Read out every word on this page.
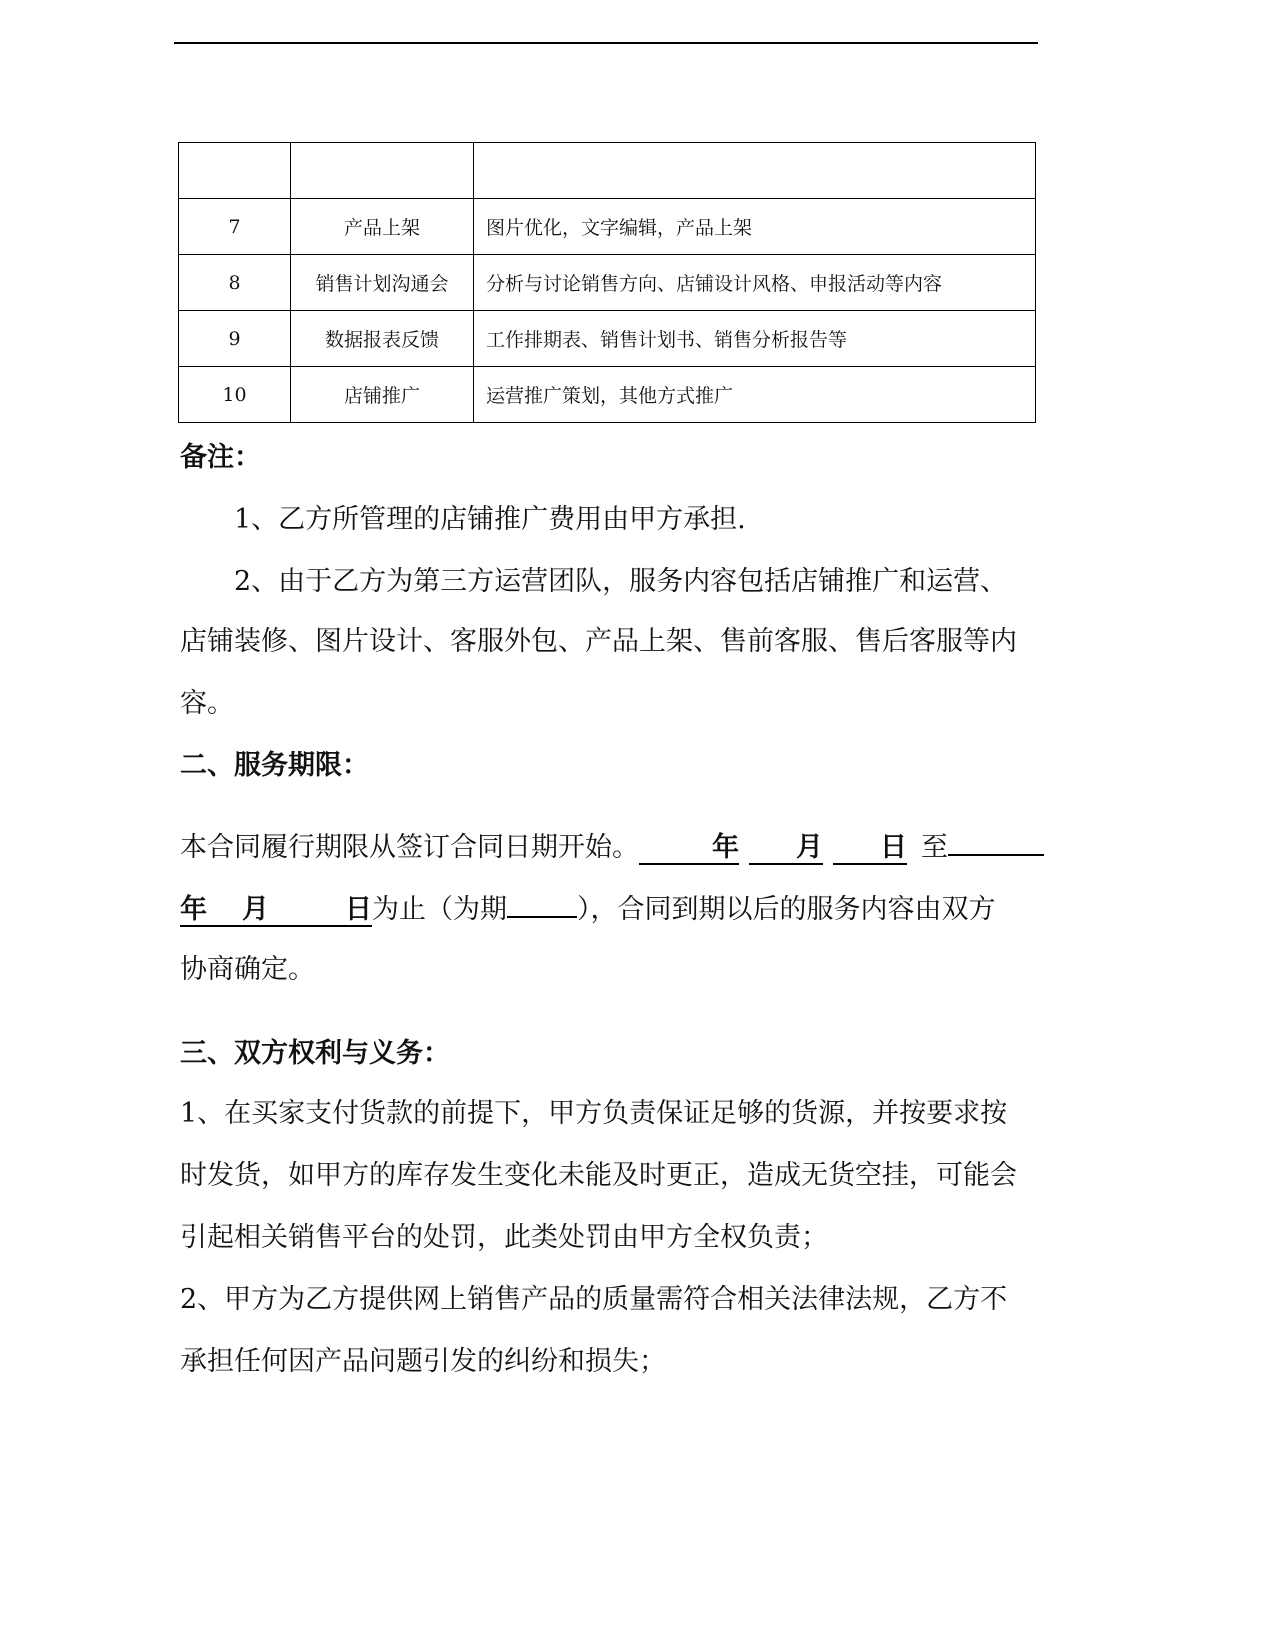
7	产品上架	图片优化，文字编辑，产品上架
8	销售计划沟通会	分析与讨论销售方向、店铺设计风格、申报活动等内容
9	数据报表反馈	工作排期表、销售计划书、销售分析报告等
10	店铺推广	运营推广策划，其他方式推广
备注：
1、乙方所管理的店铺推广费用由甲方承担.
2、由于乙方为第三方运营团队，服务内容包括店铺推广和运营、
店铺装修、图片设计、客服外包、产品上架、售前客服、售后客服等内
容。
二、服务期限：
本合同履行期限从签订合同日期开始。	年 月 日 至
年 月	日为止（为期	），合同到期以后的服务内容由双方
协商确定。
三、双方权利与义务：
1、在买家支付货款的前提下，甲方负责保证足够的货源，并按要求按
时发货，如甲方的库存发生变化未能及时更正，造成无货空挂，可能会
引起相关销售平台的处罚，此类处罚由甲方全权负责；
2、甲方为乙方提供网上销售产品的质量需符合相关法律法规，乙方不
承担任何因产品问题引发的纠纷和损失；
